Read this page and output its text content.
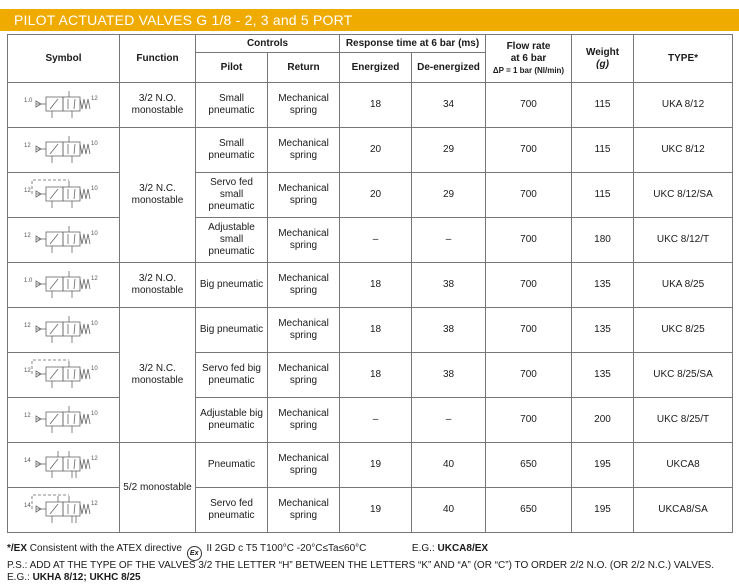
PILOT ACTUATED VALVES G 1/8 - 2, 3 and 5 PORT
Symbol	Function	Controls		Response time at 6 bar (ms)		Flow rate
at 6 bar
ΔP = 1 bar (Nl/min)	Weight
(g)	TYPE*
		Pilot	Return	Energized	De-energized			

1.0 12	3/2 N.O. monostable	Small pneumatic	Mechanical spring	18	34	700	115	UKA 8/12

12 10	3/2 N.C. monostable	Small pneumatic	Mechanical spring	20	29	700	115	UKC 8/12

12 10		Servo fed small pneumatic	Mechanical spring	20	29	700	115	UKC 8/12/SA

12 10		Adjustable small pneumatic	Mechanical spring	–	–	700	180	UKC 8/12/T

1.0 12	3/2 N.O. monostable	Big pneumatic	Mechanical spring	18	38	700	135	UKA 8/25

12 10	3/2 N.C. monostable	Big pneumatic	Mechanical spring	18	38	700	135	UKC 8/25

12 10		Servo fed big pneumatic	Mechanical spring	18	38	700	135	UKC 8/25/SA

12 10		Adjustable big pneumatic	Mechanical spring	–	–	700	200	UKC 8/25/T

14 12	5/2 monostable	Pneumatic	Mechanical spring	19	40	650	195	UKCA8

14 12		Servo fed pneumatic	Mechanical spring	19	40	650	195	UKCA8/SA
*/EX Consistent with the ATEX directive Ex II 2GD c T5 T100°C -20°C≤Ta≤60°C	E.G.: UKCA8/EX
P.S.: ADD AT THE TYPE OF THE VALVES 3/2 THE LETTER “H” BETWEEN THE LETTERS “K” AND “A” (OR “C”) TO ORDER 2/2 N.O. (OR 2/2 N.C.) VALVES.
E.G.: UKHA 8/12; UKHC 8/25
